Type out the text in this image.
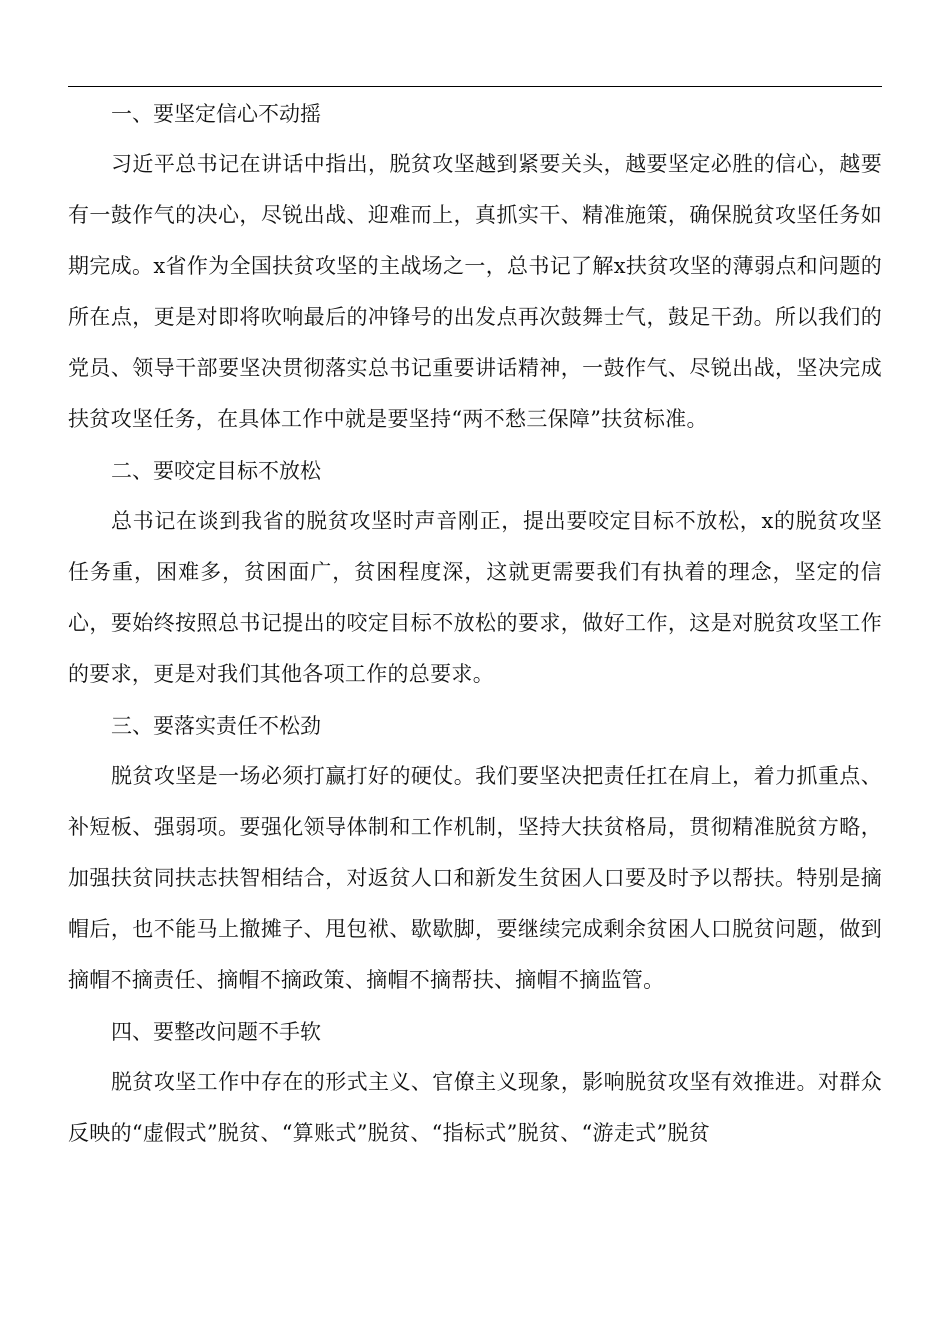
一、要坚定信心不动摇

习近平总书记在讲话中指出，脱贫攻坚越到紧要关头，越要坚定必胜的信心，越要有一鼓作气的决心，尽锐出战、迎难而上，真抓实干、精准施策，确保脱贫攻坚任务如期完成。x省作为全国扶贫攻坚的主战场之一，总书记了解x扶贫攻坚的薄弱点和问题的所在点，更是对即将吹响最后的冲锋号的出发点再次鼓舞士气，鼓足干劲。所以我们的党员、领导干部要坚决贯彻落实总书记重要讲话精神，一鼓作气、尽锐出战，坚决完成扶贫攻坚任务，在具体工作中就是要坚持“两不愁三保障”扶贫标准。

二、要咬定目标不放松

总书记在谈到我省的脱贫攻坚时声音刚正，提出要咬定目标不放松，x的脱贫攻坚任务重，困难多，贫困面广，贫困程度深，这就更需要我们有执着的理念，坚定的信心，要始终按照总书记提出的咬定目标不放松的要求，做好工作，这是对脱贫攻坚工作的要求，更是对我们其他各项工作的总要求。

三、要落实责任不松劲

脱贫攻坚是一场必须打赢打好的硬仗。我们要坚决把责任扛在肩上，着力抓重点、补短板、强弱项。要强化领导体制和工作机制，坚持大扶贫格局，贯彻精准脱贫方略，加强扶贫同扶志扶智相结合，对返贫人口和新发生贫困人口要及时予以帮扶。特别是摘帽后，也不能马上撤摊子、甩包袱、歇歇脚，要继续完成剩余贫困人口脱贫问题，做到摘帽不摘责任、摘帽不摘政策、摘帽不摘帮扶、摘帽不摘监管。

四、要整改问题不手软

脱贫攻坚工作中存在的形式主义、官僚主义现象，影响脱贫攻坚有效推进。对群众反映的“虚假式”脱贫、“算账式”脱贫、“指标式”脱贫、“游走式”脱贫
